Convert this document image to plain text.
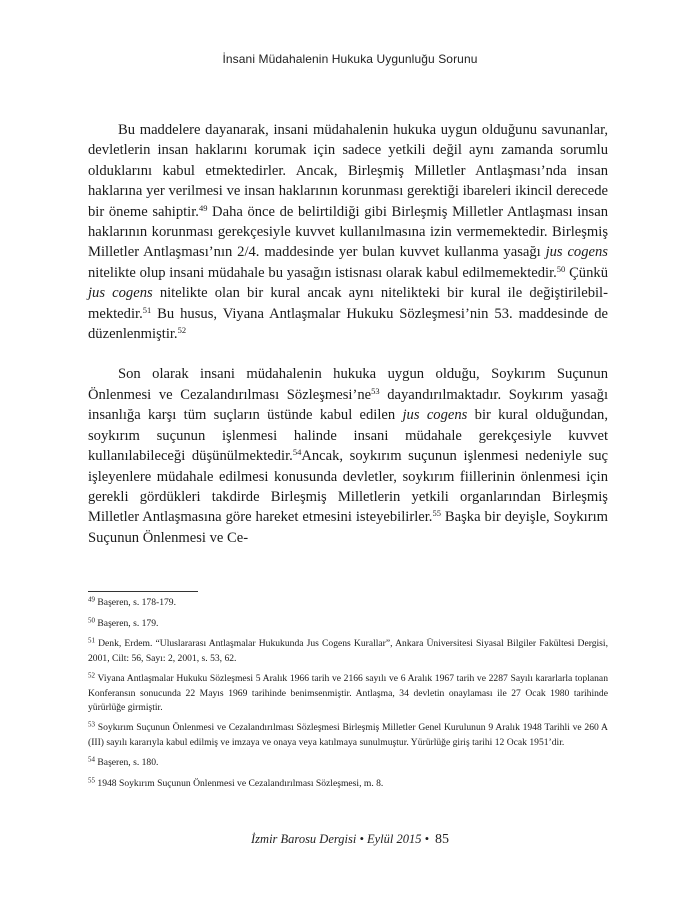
İnsani Müdahalenin Hukuka Uygunluğu Sorunu

Bu maddelere dayanarak, insani müdahalenin hukuka uygun olduğunu savunanlar, devletlerin insan haklarını korumak için sadece yetkili değil aynı zamanda sorumlu olduklarını kabul etmektedirler. Ancak, Birleşmiş Milletler Antlaşması’nda insan haklarına yer verilmesi ve insan haklarının korunması gerektiği ibareleri ikincil derecede bir öneme sahiptir.$^{49}$ Daha önce de belirtildiği gibi Birleşmiş Milletler Antlaşması insan haklarının korunması gerekçesiyle kuvvet kullanılmasına izin vermemektedir. Birleşmiş Milletler Antlaşması’nın 2/4. maddesinde yer bulan kuvvet kullanma yasağı jus cogens nitelikte olup insani müdahale bu yasağın istisnası olarak kabul edilmemektedir.$^{50}$ Çünkü jus cogens nitelikte olan bir kural ancak aynı nitelikteki bir kural ile değiştirilebilmektedir.$^{51}$ Bu husus, Viyana Antlaşmalar Hukuku Sözleşmesi’nin 53. maddesinde de düzenlenmiştir.$^{52}$

Son olarak insani müdahalenin hukuka uygun olduğu, Soykırım Suçunun Önlenmesi ve Cezalandırılması $Sözleşmesi’ne^{53}$ dayandırılmaktadır. Soykırım yasağı insanlığa karşı tüm suçların üstünde kabul edilen jus cogens bir kural olduğundan, soykırım suçunun işlenmesi halinde insani müdahale gerekçesiyle kuvvet kullanılabileceği düşünülmektedir.$^{54}$Ancak, soykırım suçunun işlenmesi nedeniyle suç işleyenlere müdahale edilmesi konusunda devletler, soykırım fiillerinin önlenmesi için gerekli gördükleri takdirde Birleşmiş Milletlerin yetkili organlarından Birleşmiş Milletler Antlaşmasına göre hareket etmesini isteyebilirler.$^{55}$ Başka bir deyişle, Soykırım Suçunun Önlenmesi ve Ce-

$^{49}$ Başeren, s. 178-179.
$^{50}$ Başeren, s. 179.
$^{51}$ Denk, Erdem. “Uluslararası Antlaşmalar Hukukunda Jus Cogens Kurallar”, Ankara Üniversitesi Siyasal Bilgiler Fakültesi Dergisi, 2001, Cilt: 56, Sayı: 2, 2001, s. 53, 62.
$^{52}$ Viyana Antlaşmalar Hukuku Sözleşmesi 5 Aralık 1966 tarih ve 2166 sayılı ve 6 Aralık 1967 tarih ve 2287 Sayılı kararlarla toplanan Konferansın sonucunda 22 Mayıs 1969 tarihinde benimsenmiştir. Antlaşma, 34 devletin onaylaması ile 27 Ocak 1980 tarihinde yürürlüğe girmiştir.
$^{53}$ Soykırım Suçunun Önlenmesi ve Cezalandırılması Sözleşmesi Birleşmiş Milletler Genel Kurulunun 9 Aralık 1948 Tarihli ve 260 A (III) sayılı kararıyla kabul edilmiş ve imzaya ve onaya veya katılmaya sunulmuştur. Yürürlüğe giriş tarihi 12 Ocak 1951’dir.
$^{54}$ Başeren, s. 180.
$^{55}$ 1948 Soykırım Suçunun Önlenmesi ve Cezalandırılması Sözleşmesi, m. 8.
İzmir Barosu Dergisi • Eylül 2015 • 85
